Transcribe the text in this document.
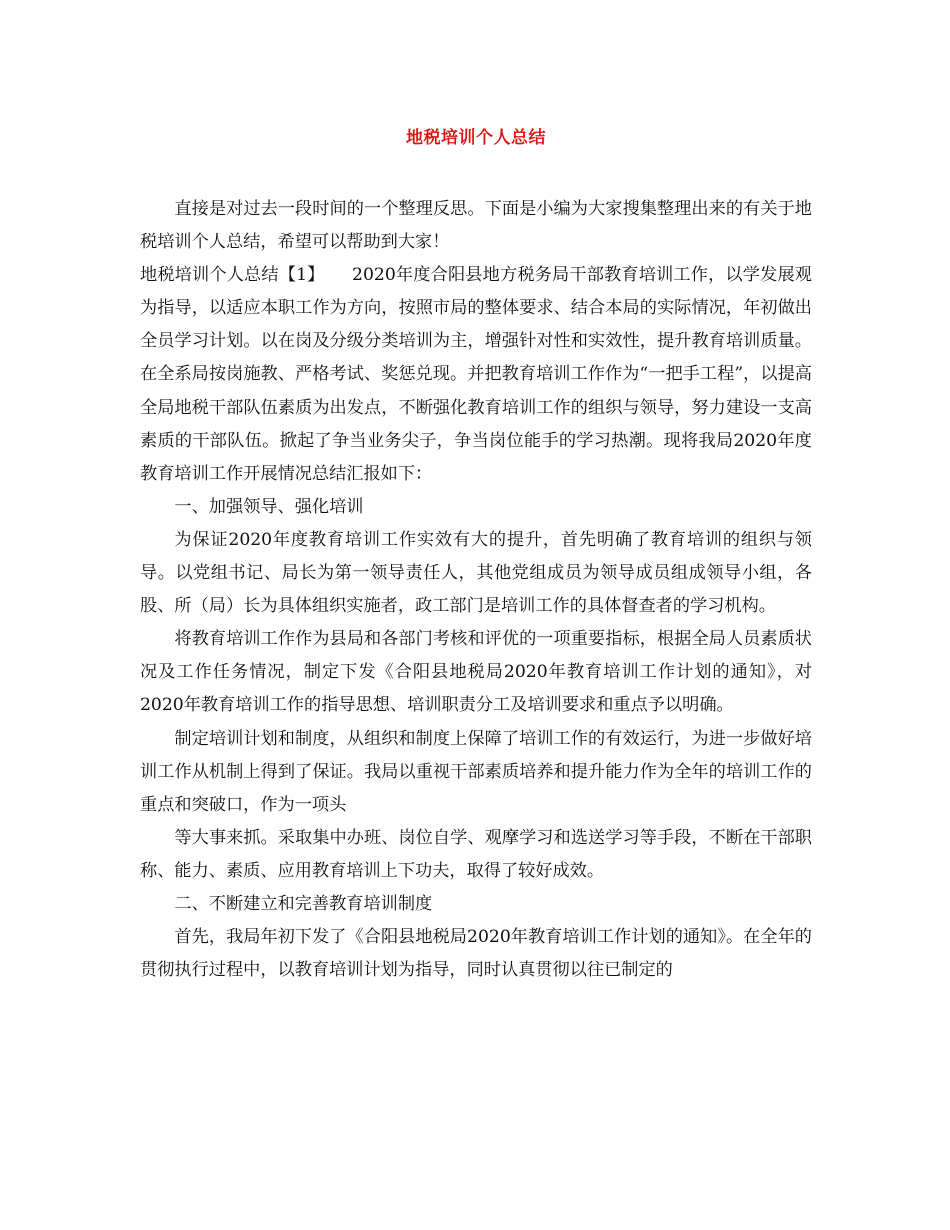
地税培训个人总结

直接是对过去一段时间的一个整理反思。下面是小编为大家搜集整理出来的有关于地税培训个人总结，希望可以帮助到大家！

地税培训个人总结【1】 2020年度合阳县地方税务局干部教育培训工作，以学发展观为指导，以适应本职工作为方向，按照市局的整体要求、结合本局的实际情况，年初做出全员学习计划。以在岗及分级分类培训为主，增强针对性和实效性，提升教育培训质量。在全系局按岗施教、严格考试、奖惩兑现。并把教育培训工作作为“一把手工程”，以提高全局地税干部队伍素质为出发点，不断强化教育培训工作的组织与领导，努力建设一支高素质的干部队伍。掀起了争当业务尖子，争当岗位能手的学习热潮。现将我局2020年度教育培训工作开展情况总结汇报如下：

一、加强领导、强化培训

为保证2020年度教育培训工作实效有大的提升，首先明确了教育培训的组织与领导。以党组书记、局长为第一领导责任人，其他党组成员为领导成员组成领导小组，各股、所（局）长为具体组织实施者，政工部门是培训工作的具体督查者的学习机构。

将教育培训工作作为县局和各部门考核和评优的一项重要指标，根据全局人员素质状况及工作任务情况，制定下发《合阳县地税局2020年教育培训工作计划的通知》，对2020年教育培训工作的指导思想、培训职责分工及培训要求和重点予以明确。

制定培训计划和制度，从组织和制度上保障了培训工作的有效运行，为进一步做好培训工作从机制上得到了保证。我局以重视干部素质培养和提升能力作为全年的培训工作的重点和突破口，作为一项头

等大事来抓。采取集中办班、岗位自学、观摩学习和选送学习等手段，不断在干部职称、能力、素质、应用教育培训上下功夫，取得了较好成效。

二、不断建立和完善教育培训制度

首先，我局年初下发了《合阳县地税局2020年教育培训工作计划的通知》。在全年的贯彻执行过程中，以教育培训计划为指导，同时认真贯彻以往已制定的
